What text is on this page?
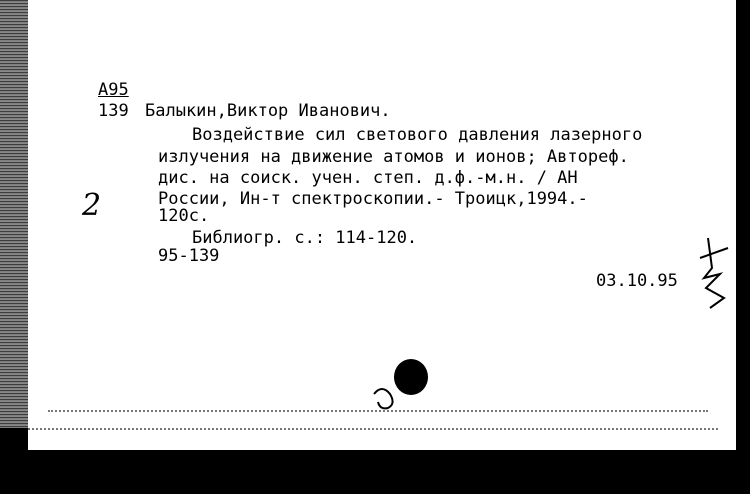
A95
139 Балыкин,Виктор Иванович.
Воздействие сил светового давления лазерного
излучения на движение атомов и ионов; Автореф.
дис. на соиск. учен. степ. д.ф.-м.н. / АН
России, Ин-т спектроскопии.- Троицк,1994.-
120с.
Библиогр. с.: 114-120.
95-139
03.10.95
2
